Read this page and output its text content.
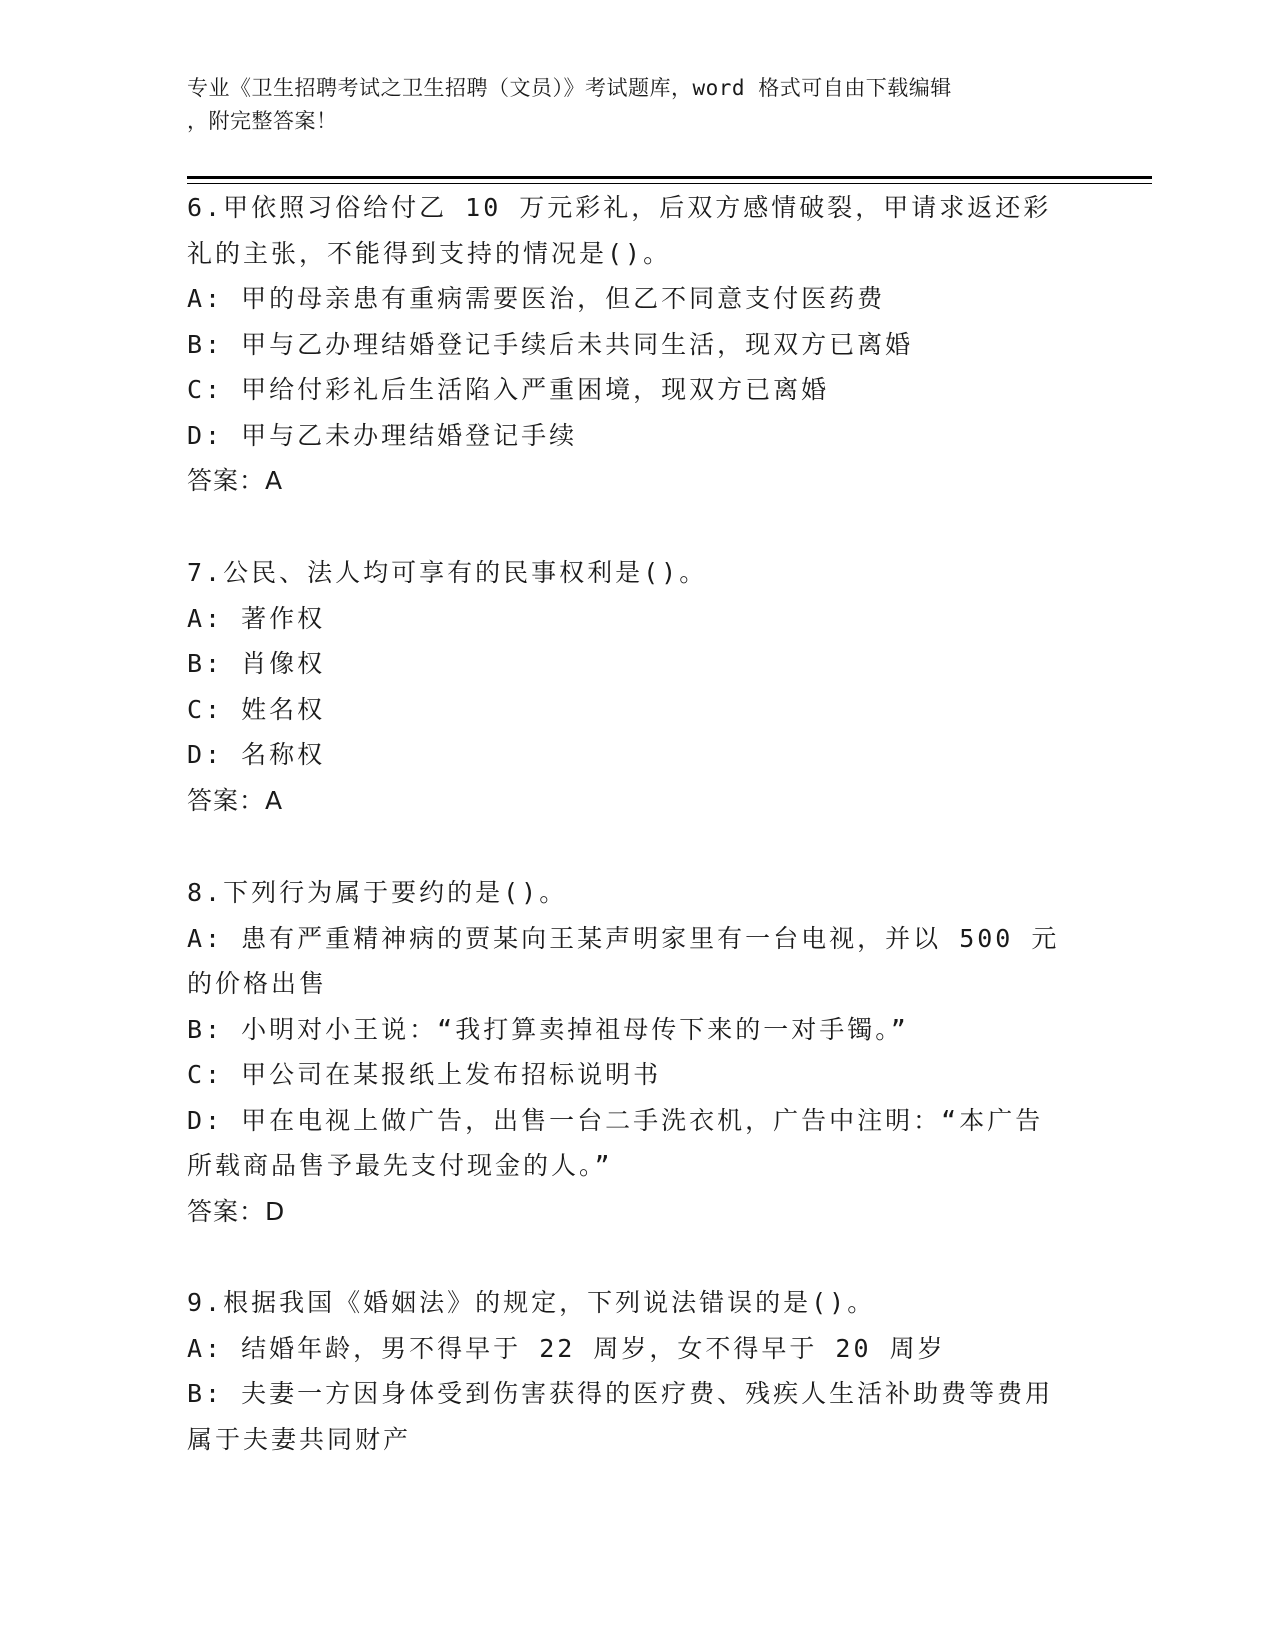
专业《卫生招聘考试之卫生招聘（文员）》考试题库，word 格式可自由下载编辑

，附完整答案！

6.甲依照习俗给付乙 10 万元彩礼，后双方感情破裂，甲请求返还彩礼的主张，不能得到支持的情况是()。

A: 甲的母亲患有重病需要医治，但乙不同意支付医药费

B: 甲与乙办理结婚登记手续后未共同生活，现双方已离婚

C: 甲给付彩礼后生活陷入严重困境，现双方已离婚

D: 甲与乙未办理结婚登记手续

答案：A

7.公民、法人均可享有的民事权利是()。

A: 著作权

B: 肖像权

C: 姓名权

D: 名称权

答案：A

8.下列行为属于要约的是()。

A: 患有严重精神病的贾某向王某声明家里有一台电视，并以 500 元的价格出售

B: 小明对小王说：“我打算卖掉祖母传下来的一对手镯。”

C: 甲公司在某报纸上发布招标说明书

D: 甲在电视上做广告，出售一台二手洗衣机，广告中注明：“本广告所载商品售予最先支付现金的人。”

答案：D

9.根据我国《婚姻法》的规定，下列说法错误的是()。

A: 结婚年龄，男不得早于 22 周岁，女不得早于 20 周岁

B: 夫妻一方因身体受到伤害获得的医疗费、残疾人生活补助费等费用属于夫妻共同财产
